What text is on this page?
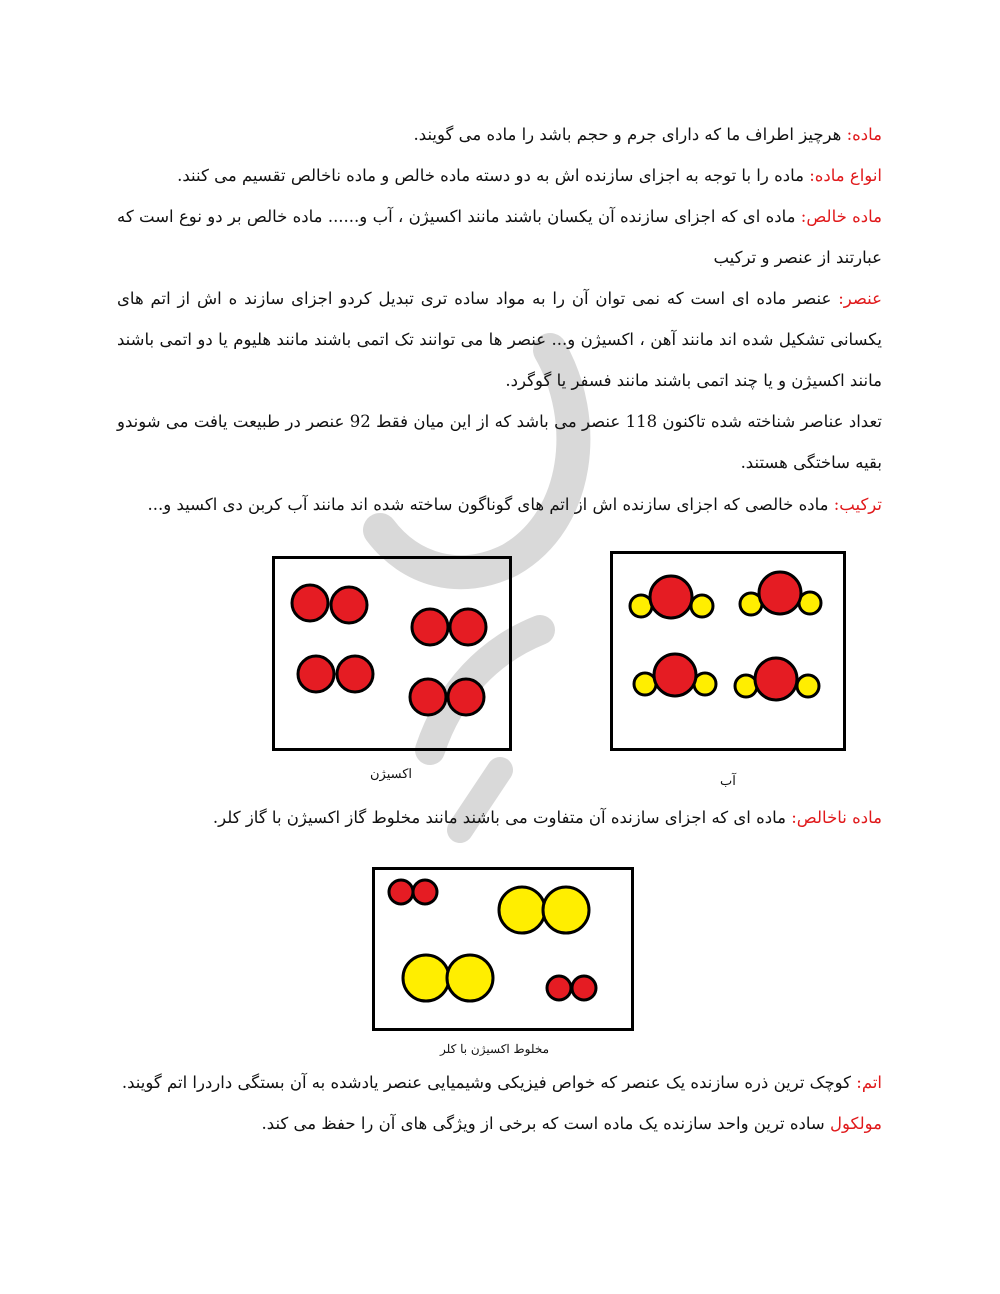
ماده: هرچیز اطراف ما که دارای جرم و حجم باشد را ماده می گویند.
انواع ماده: ماده را با توجه به اجزای سازنده اش به دو دسته ماده خالص و ماده ناخالص تقسیم می کنند.
ماده خالص: ماده ای که اجزای سازنده آن یکسان باشند مانند اکسیژن ، آب و...... ماده خالص بر دو نوع است که عبارتند از عنصر و ترکیب
عنصر: عنصر ماده ای است که نمی توان آن را به مواد ساده تری تبدیل کردو اجزای سازند ه اش از اتم های یکسانی تشکیل شده اند مانند آهن ، اکسیژن و... عنصر ها می توانند تک اتمی باشند مانند هلیوم یا دو اتمی باشند مانند اکسیژن و یا چند اتمی باشند مانند فسفر یا گوگرد.
تعداد عناصر شناخته شده تاکنون 118 عنصر می باشد که از این میان فقط 92 عنصر در طبیعت یافت می شوندو بقیه ساختگی هستند.
ترکیب: ماده خالصی که اجزای سازنده اش از اتم های گوناگون ساخته شده اند مانند آب کربن دی اکسید و...
اکسیژن	آب
ماده ناخالص: ماده ای که اجزای سازنده آن متفاوت می باشند مانند مخلوط گاز اکسیژن با گاز کلر.
مخلوط اکسیژن با کلر
اتم: کوچک ترین ذره سازنده یک عنصر که خواص فیزیکی وشیمیایی عنصر یادشده به آن بستگی داردرا اتم گویند.
مولکول ساده ترین واحد سازنده یک ماده است که برخی از ویژگی های آن را حفظ می کند.
